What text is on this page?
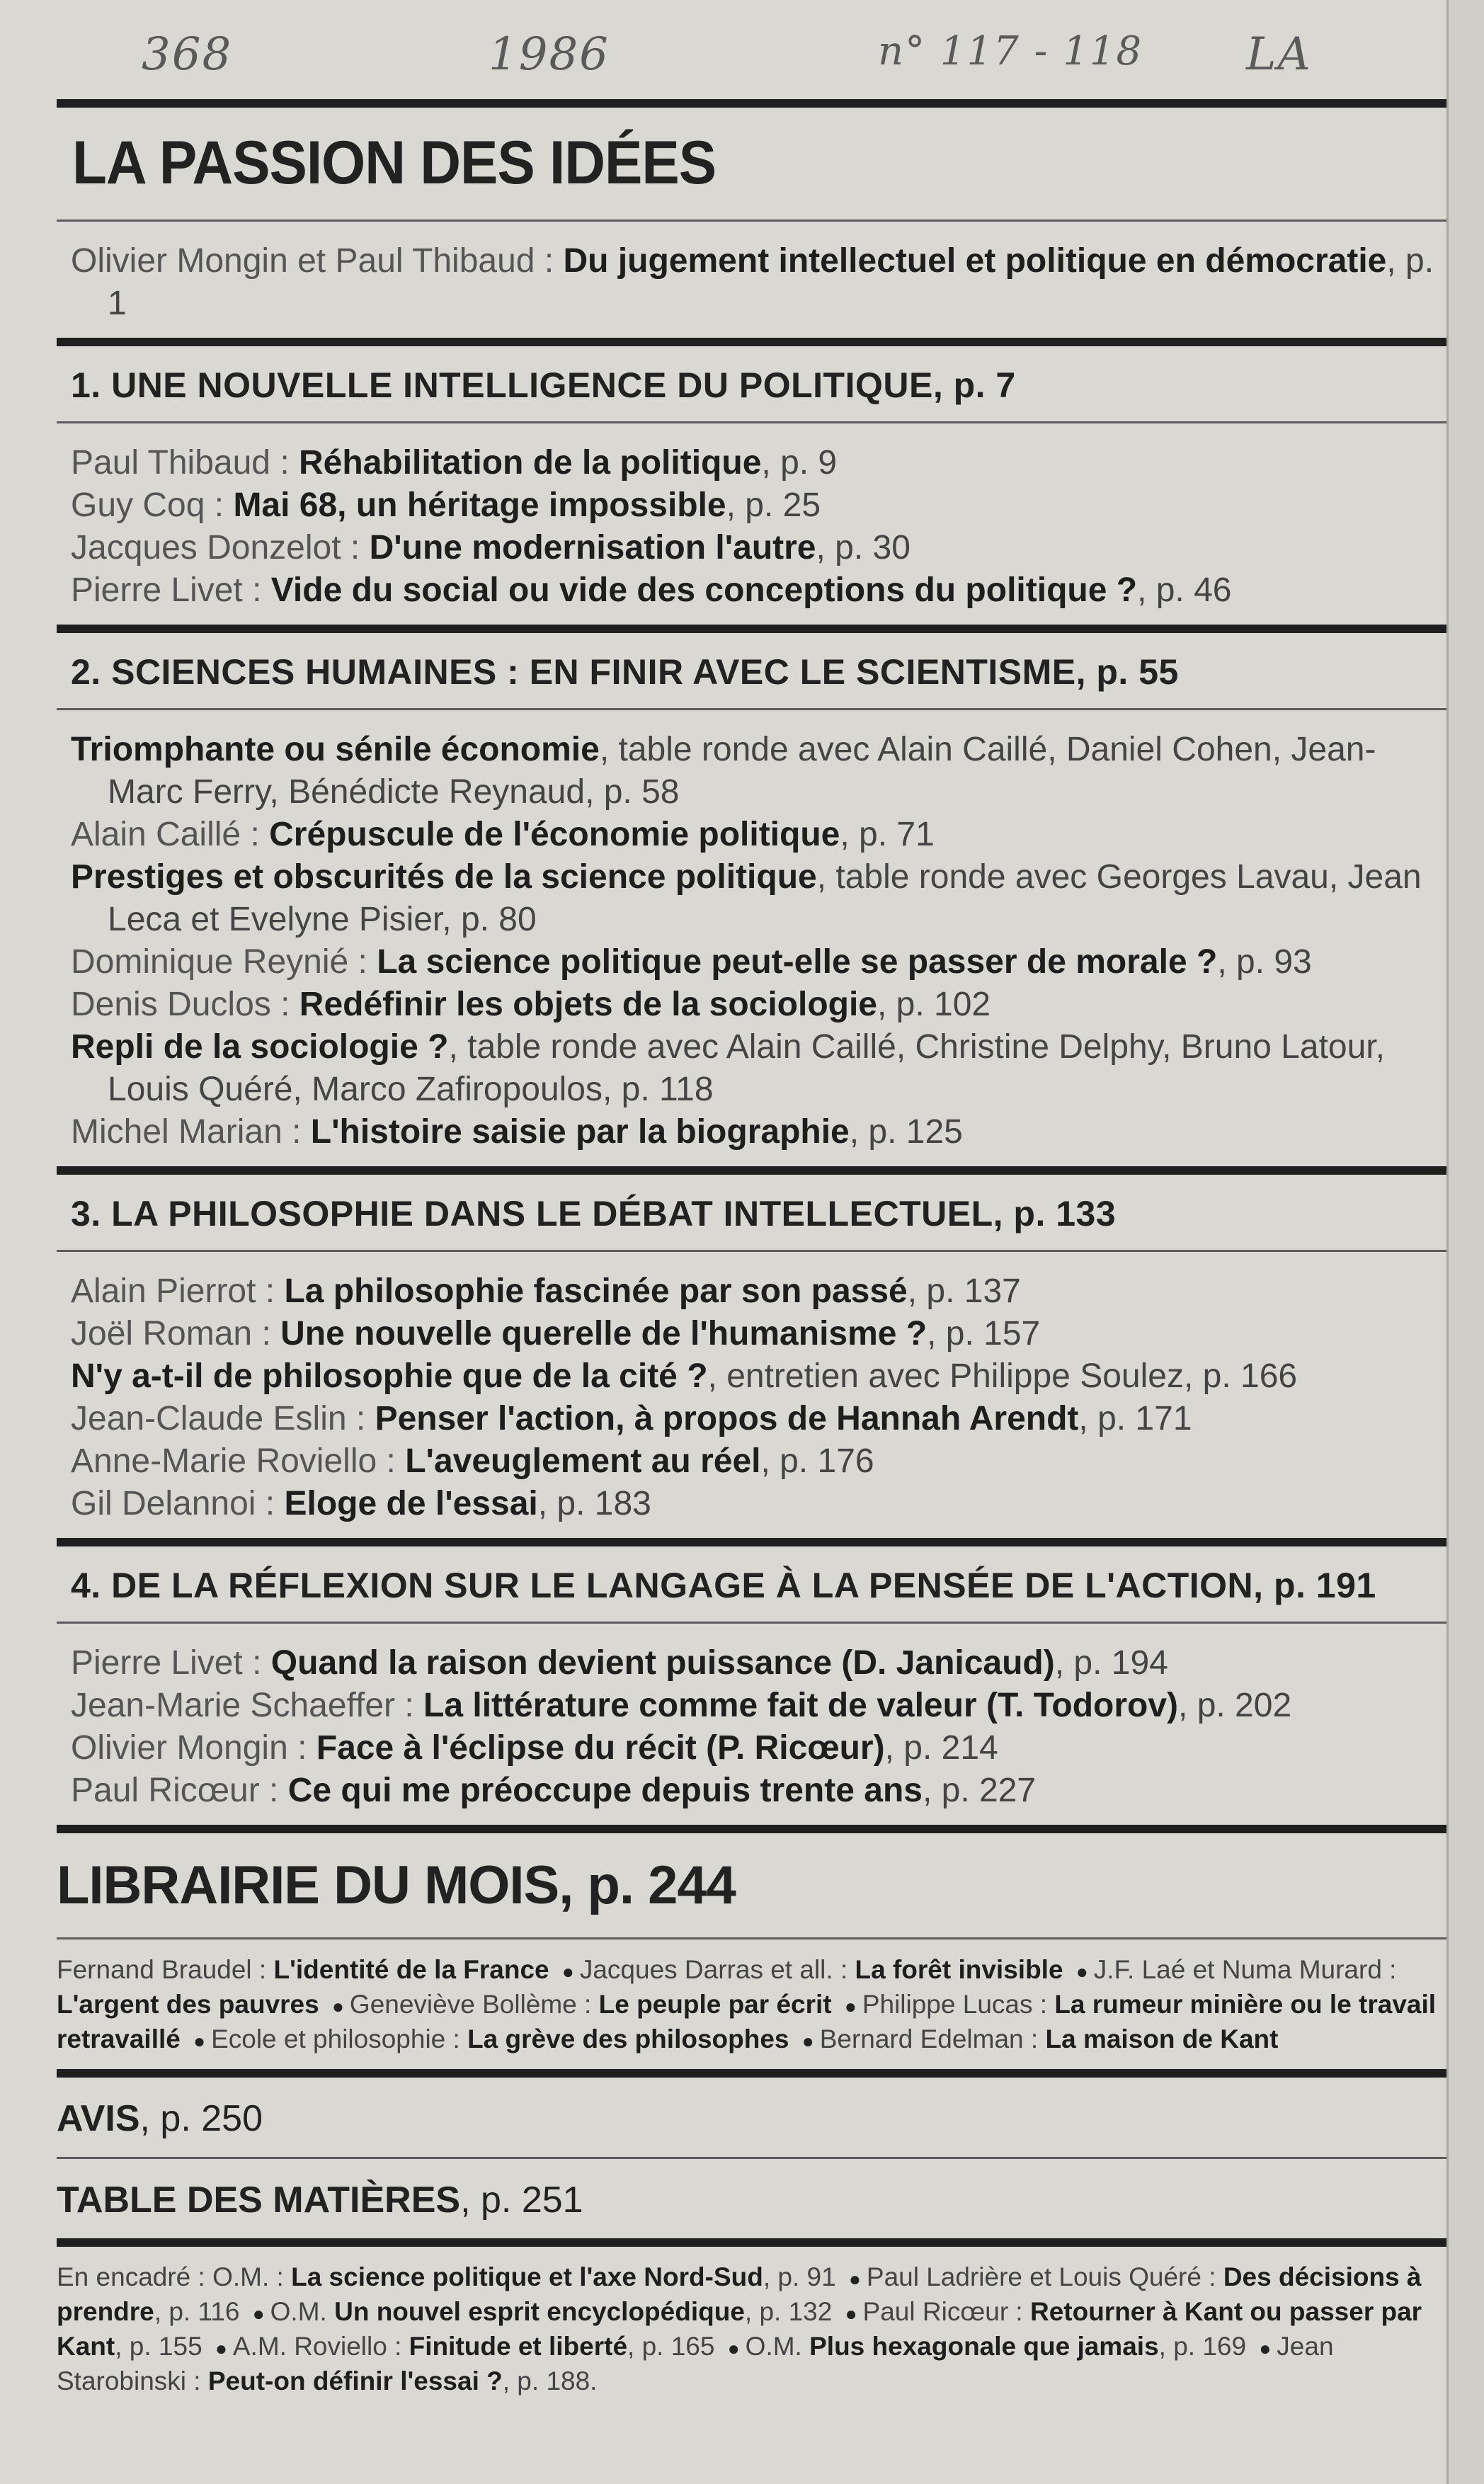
368	1986	n° 117 - 118 LA
LA PASSION DES IDÉES
Olivier Mongin et Paul Thibaud : Du jugement intellectuel et politique en démocratie, p. 1
1. UNE NOUVELLE INTELLIGENCE DU POLITIQUE, p. 7
Paul Thibaud : Réhabilitation de la politique, p. 9
Guy Coq : Mai 68, un héritage impossible, p. 25
Jacques Donzelot : D'une modernisation l'autre, p. 30
Pierre Livet : Vide du social ou vide des conceptions du politique ?, p. 46
2. SCIENCES HUMAINES : EN FINIR AVEC LE SCIENTISME, p. 55
Triomphante ou sénile économie, table ronde avec Alain Caillé, Daniel Cohen, Jean-Marc Ferry, Bénédicte Reynaud, p. 58
Alain Caillé : Crépuscule de l'économie politique, p. 71
Prestiges et obscurités de la science politique, table ronde avec Georges Lavau, Jean Leca et Evelyne Pisier, p. 80
Dominique Reynié : La science politique peut-elle se passer de morale ?, p. 93
Denis Duclos : Redéfinir les objets de la sociologie, p. 102
Repli de la sociologie ?, table ronde avec Alain Caillé, Christine Delphy, Bruno Latour, Louis Quéré, Marco Zafiropoulos, p. 118
Michel Marian : L'histoire saisie par la biographie, p. 125
3. LA PHILOSOPHIE DANS LE DÉBAT INTELLECTUEL, p. 133
Alain Pierrot : La philosophie fascinée par son passé, p. 137
Joël Roman : Une nouvelle querelle de l'humanisme ?, p. 157
N'y a-t-il de philosophie que de la cité ?, entretien avec Philippe Soulez, p. 166
Jean-Claude Eslin : Penser l'action, à propos de Hannah Arendt, p. 171
Anne-Marie Roviello : L'aveuglement au réel, p. 176
Gil Delannoi : Eloge de l'essai, p. 183
4. DE LA RÉFLEXION SUR LE LANGAGE À LA PENSÉE DE L'ACTION, p. 191
Pierre Livet : Quand la raison devient puissance (D. Janicaud), p. 194
Jean-Marie Schaeffer : La littérature comme fait de valeur (T. Todorov), p. 202
Olivier Mongin : Face à l'éclipse du récit (P. Ricœur), p. 214
Paul Ricœur : Ce qui me préoccupe depuis trente ans, p. 227
LIBRAIRIE DU MOIS, p. 244
Fernand Braudel : L'identité de la France ● Jacques Darras et all. : La forêt invisible ● J.F. Laé et Numa Murard : L'argent des pauvres ● Geneviève Bollème : Le peuple par écrit ● Philippe Lucas : La rumeur minière ou le travail retravaillé ● Ecole et philosophie : La grève des philosophes ● Bernard Edelman : La maison de Kant
AVIS, p. 250
TABLE DES MATIÈRES, p. 251
En encadré : O.M. : La science politique et l'axe Nord-Sud, p. 91 ● Paul Ladrière et Louis Quéré : Des décisions à prendre, p. 116 ● O.M. Un nouvel esprit encyclopédique, p. 132 ● Paul Ricœur : Retourner à Kant ou passer par Kant, p. 155 ● A.M. Roviello : Finitude et liberté, p. 165 ● O.M. Plus hexagonale que jamais, p. 169 ● Jean Starobinski : Peut-on définir l'essai ?, p. 188.
